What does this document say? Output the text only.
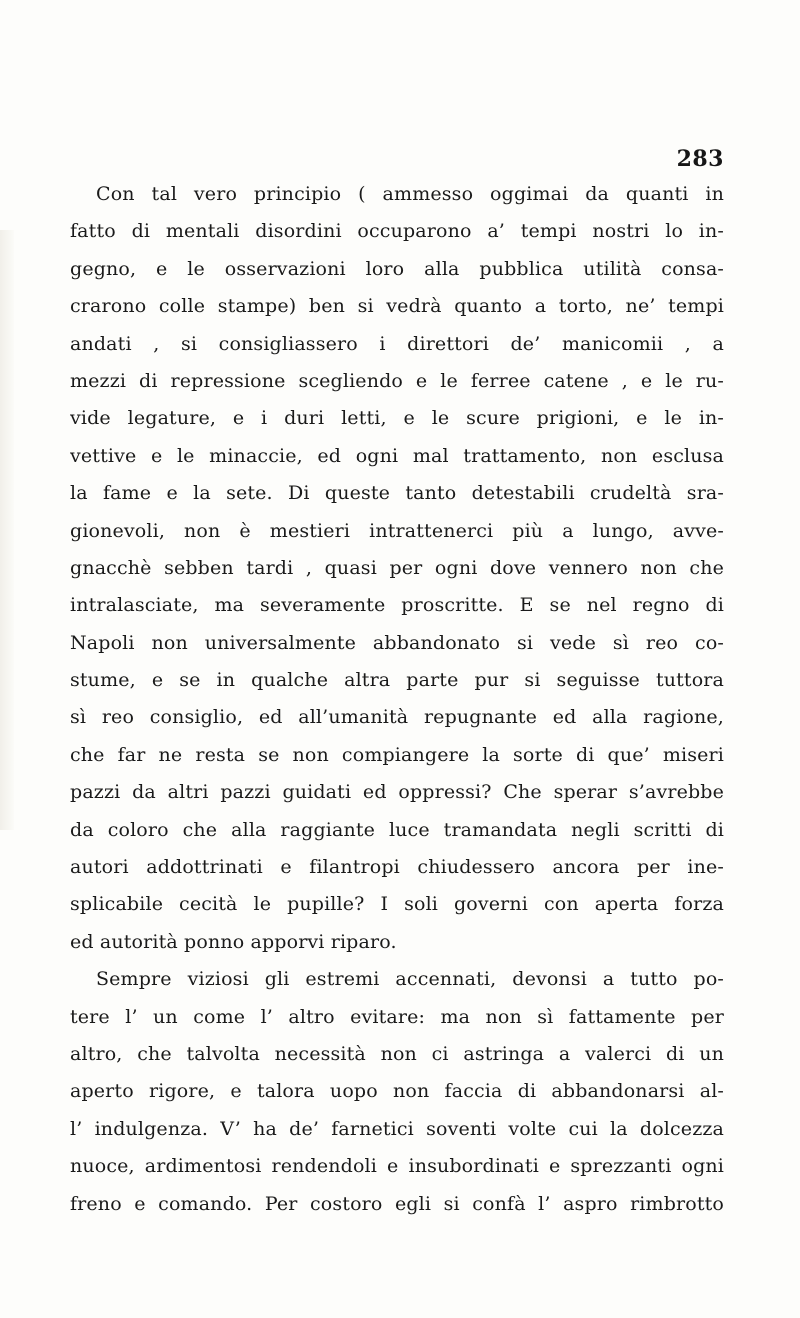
283
Con tal vero principio ( ammesso oggimai da quanti in
fatto di mentali disordini occuparono a’ tempi nostri lo in-
gegno, e le osservazioni loro alla pubblica utilità consa-
crarono colle stampe) ben si vedrà quanto a torto, ne’ tempi
andati , si consigliassero i direttori de’ manicomii , a
mezzi di repressione scegliendo e le ferree catene , e le ru-
vide legature, e i duri letti, e le scure prigioni, e le in-
vettive e le minaccie, ed ogni mal trattamento, non esclusa
la fame e la sete. Di queste tanto detestabili crudeltà sra-
gionevoli, non è mestieri intrattenerci più a lungo, avve-
gnacchè sebben tardi , quasi per ogni dove vennero non che
intralasciate, ma severamente proscritte. E se nel regno di
Napoli non universalmente abbandonato si vede sì reo co-
stume, e se in qualche altra parte pur si seguisse tuttora
sì reo consiglio, ed all’umanità repugnante ed alla ragione,
che far ne resta se non compiangere la sorte di que’ miseri
pazzi da altri pazzi guidati ed oppressi? Che sperar s’avrebbe
da coloro che alla raggiante luce tramandata negli scritti di
autori addottrinati e filantropi chiudessero ancora per ine-
splicabile cecità le pupille? I soli governi con aperta forza
ed autorità ponno apporvi riparo.
Sempre viziosi gli estremi accennati, devonsi a tutto po-
tere l’ un come l’ altro evitare: ma non sì fattamente per
altro, che talvolta necessità non ci astringa a valerci di un
aperto rigore, e talora uopo non faccia di abbandonarsi al-
l’ indulgenza. V’ ha de’ farnetici soventi volte cui la dolcezza
nuoce, ardimentosi rendendoli e insubordinati e sprezzanti ogni
freno e comando. Per costoro egli si confà l’ aspro rimbrotto
